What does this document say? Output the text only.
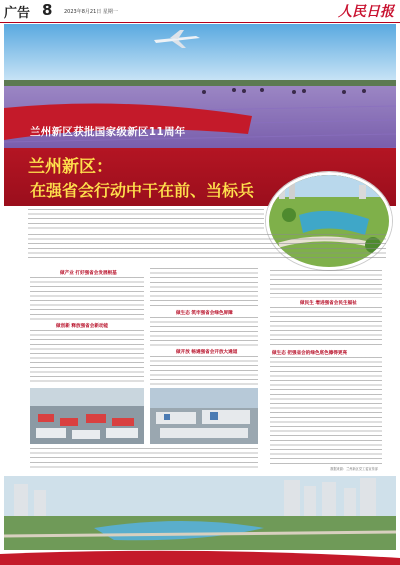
广告 8 2023年8月21日 星期一	人民日报
兰州新区获批国家级新区11周年
兰州新区：
在强省会行动中干在前、当标兵
做产业 打好强省会发展根基
做创新 释放强省会新动能
做生态 筑牢强省会绿色屏障
做开放 畅通强省会开放大通道
做民生 增进强省会民生福祉
做生态 把强省会的绿色底色擦得更亮
数据来源：兰州新区党工委宣传部
